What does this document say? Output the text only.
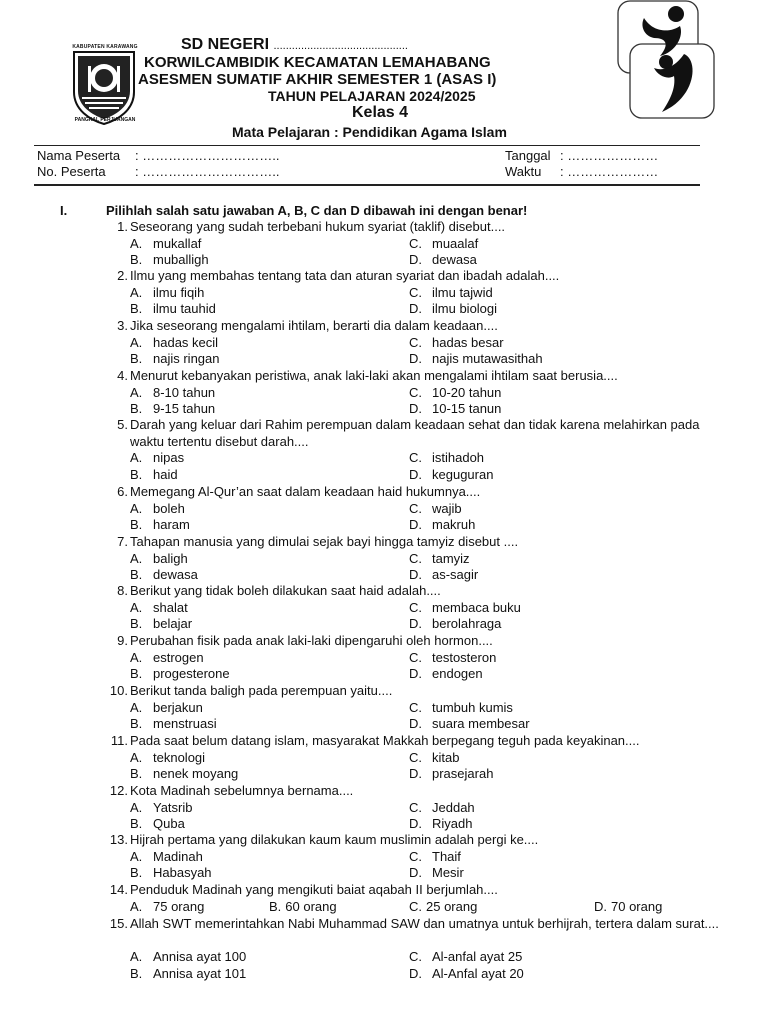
KABUPATEN KARAWANG
PANGKAL PERJUANGAN
SD NEGERI ............................................
KORWILCAMBIDIK KECAMATAN LEMAHABANG
ASESMEN SUMATIF AKHIR SEMESTER 1 (ASAS I)
TAHUN PELAJARAN 2024/2025
Kelas 4
Mata Pelajaran : Pendidikan Agama Islam
Nama Peserta : …………………………..
No. Peserta : …………………………..
Tanggal : …………………
Waktu : …………………
I.	Pilihlah salah satu jawaban A, B, C dan D dibawah ini dengan benar!
1. Seseorang yang sudah terbebani hukum syariat (taklif) disebut....
A. mukallaf
B. muballigh
C. muaalaf
D. dewasa
2. Ilmu yang membahas tentang tata dan aturan syariat dan ibadah adalah....
A. ilmu fiqih
B. ilmu tauhid
C. ilmu tajwid
D. ilmu biologi
3. Jika seseorang mengalami ihtilam, berarti dia dalam keadaan....
A. hadas kecil
B. najis ringan
C. hadas besar
D. najis mutawasithah
4. Menurut kebanyakan peristiwa, anak laki-laki akan mengalami ihtilam saat berusia....
A. 8-10 tahun
B. 9-15 tahun
C. 10-20 tahun
D. 10-15 tanun
5. Darah yang keluar dari Rahim perempuan dalam keadaan sehat dan tidak karena melahirkan pada waktu tertentu disebut darah....
A. nipas
B. haid
C. istihadoh
D. keguguran
6. Memegang Al-Qur’an saat dalam keadaan haid hukumnya....
A. boleh
B. haram
C. wajib
D. makruh
7. Tahapan manusia yang dimulai sejak bayi hingga tamyiz disebut ....
A. baligh
B. dewasa
C. tamyiz
D. as-sagir
8. Berikut yang tidak boleh dilakukan saat haid adalah....
A. shalat
B. belajar
C. membaca buku
D. berolahraga
9. Perubahan fisik pada anak laki-laki dipengaruhi oleh hormon....
A. estrogen
B. progesterone
C. testosteron
D. endogen
10. Berikut tanda baligh pada perempuan yaitu....
A. berjakun
B. menstruasi
C. tumbuh kumis
D. suara membesar
11. Pada saat belum datang islam, masyarakat Makkah berpegang teguh pada keyakinan....
A. teknologi
B. nenek moyang
C. kitab
D. prasejarah
12. Kota Madinah sebelumnya bernama....
A. Yatsrib
B. Quba
C. Jeddah
D. Riyadh
13. Hijrah pertama yang dilakukan kaum kaum muslimin adalah pergi ke....
A. Madinah
B. Habasyah
C. Thaif
D. Mesir
14. Penduduk Madinah yang mengikuti baiat aqabah II berjumlah....
A. 75 orang	B. 60 orang	C. 25 orang	D. 70 orang
15. Allah SWT memerintahkan Nabi Muhammad SAW dan umatnya untuk berhijrah, tertera dalam surat....
A. Annisa ayat 100
B. Annisa ayat 101
C. Al-anfal ayat 25
D. Al-Anfal ayat 20
